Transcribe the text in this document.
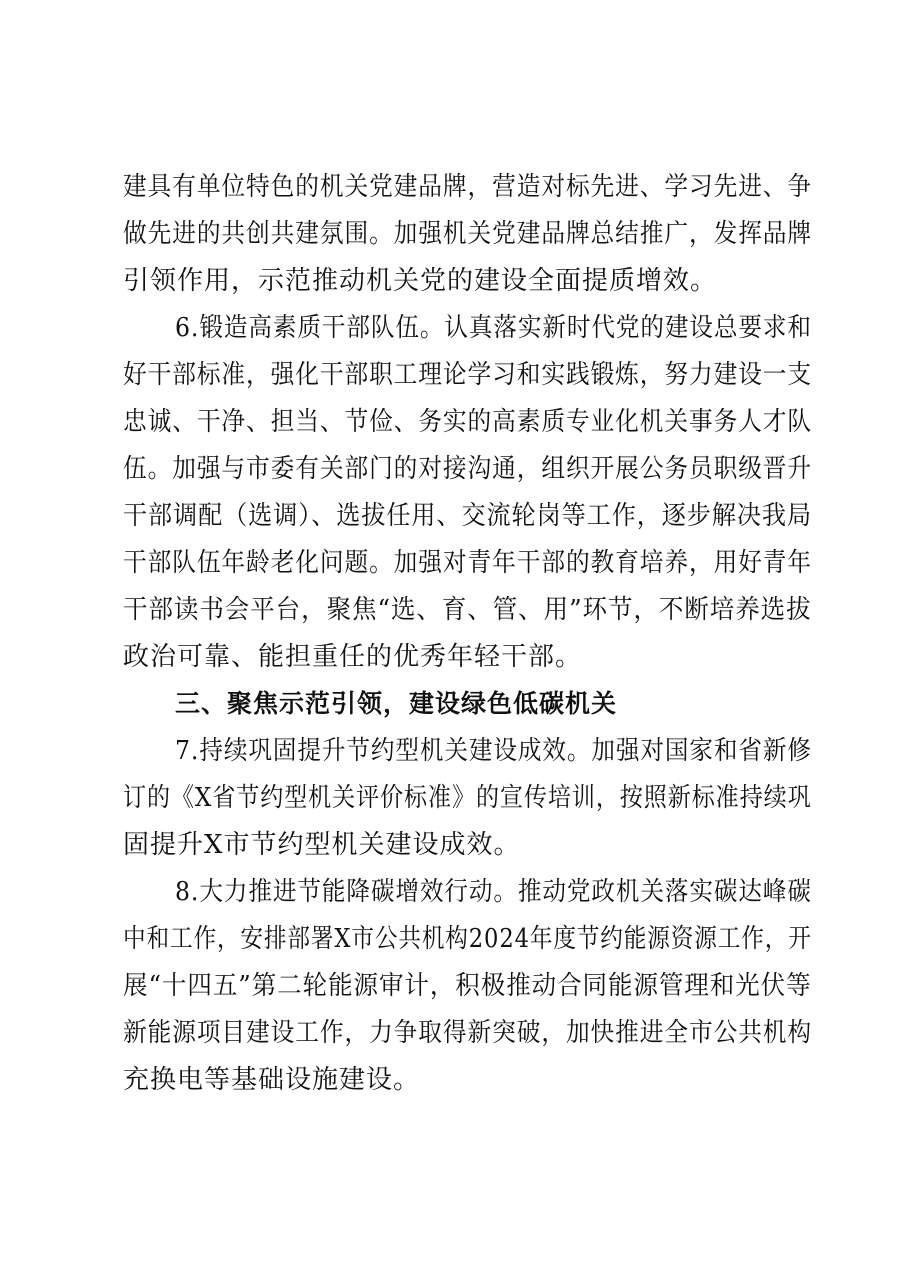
建具有单位特色的机关党建品牌，营造对标先进、学习先进、争
做先进的共创共建氛围。加强机关党建品牌总结推广，发挥品牌
引领作用，示范推动机关党的建设全面提质增效。
6.锻造高素质干部队伍。认真落实新时代党的建设总要求和
好干部标准，强化干部职工理论学习和实践锻炼，努力建设一支
忠诚、干净、担当、节俭、务实的高素质专业化机关事务人才队
伍。加强与市委有关部门的对接沟通，组织开展公务员职级晋升
干部调配（选调）、选拔任用、交流轮岗等工作，逐步解决我局
干部队伍年龄老化问题。加强对青年干部的教育培养，用好青年
干部读书会平台，聚焦“选、育、管、用”环节，不断培养选拔
政治可靠、能担重任的优秀年轻干部。
三、聚焦示范引领，建设绿色低碳机关
7.持续巩固提升节约型机关建设成效。加强对国家和省新修
订的《X省节约型机关评价标准》的宣传培训，按照新标准持续巩
固提升X市节约型机关建设成效。
8.大力推进节能降碳增效行动。推动党政机关落实碳达峰碳
中和工作，安排部署X市公共机构2024年度节约能源资源工作，开
展“十四五”第二轮能源审计，积极推动合同能源管理和光伏等
新能源项目建设工作，力争取得新突破，加快推进全市公共机构
充换电等基础设施建设。
